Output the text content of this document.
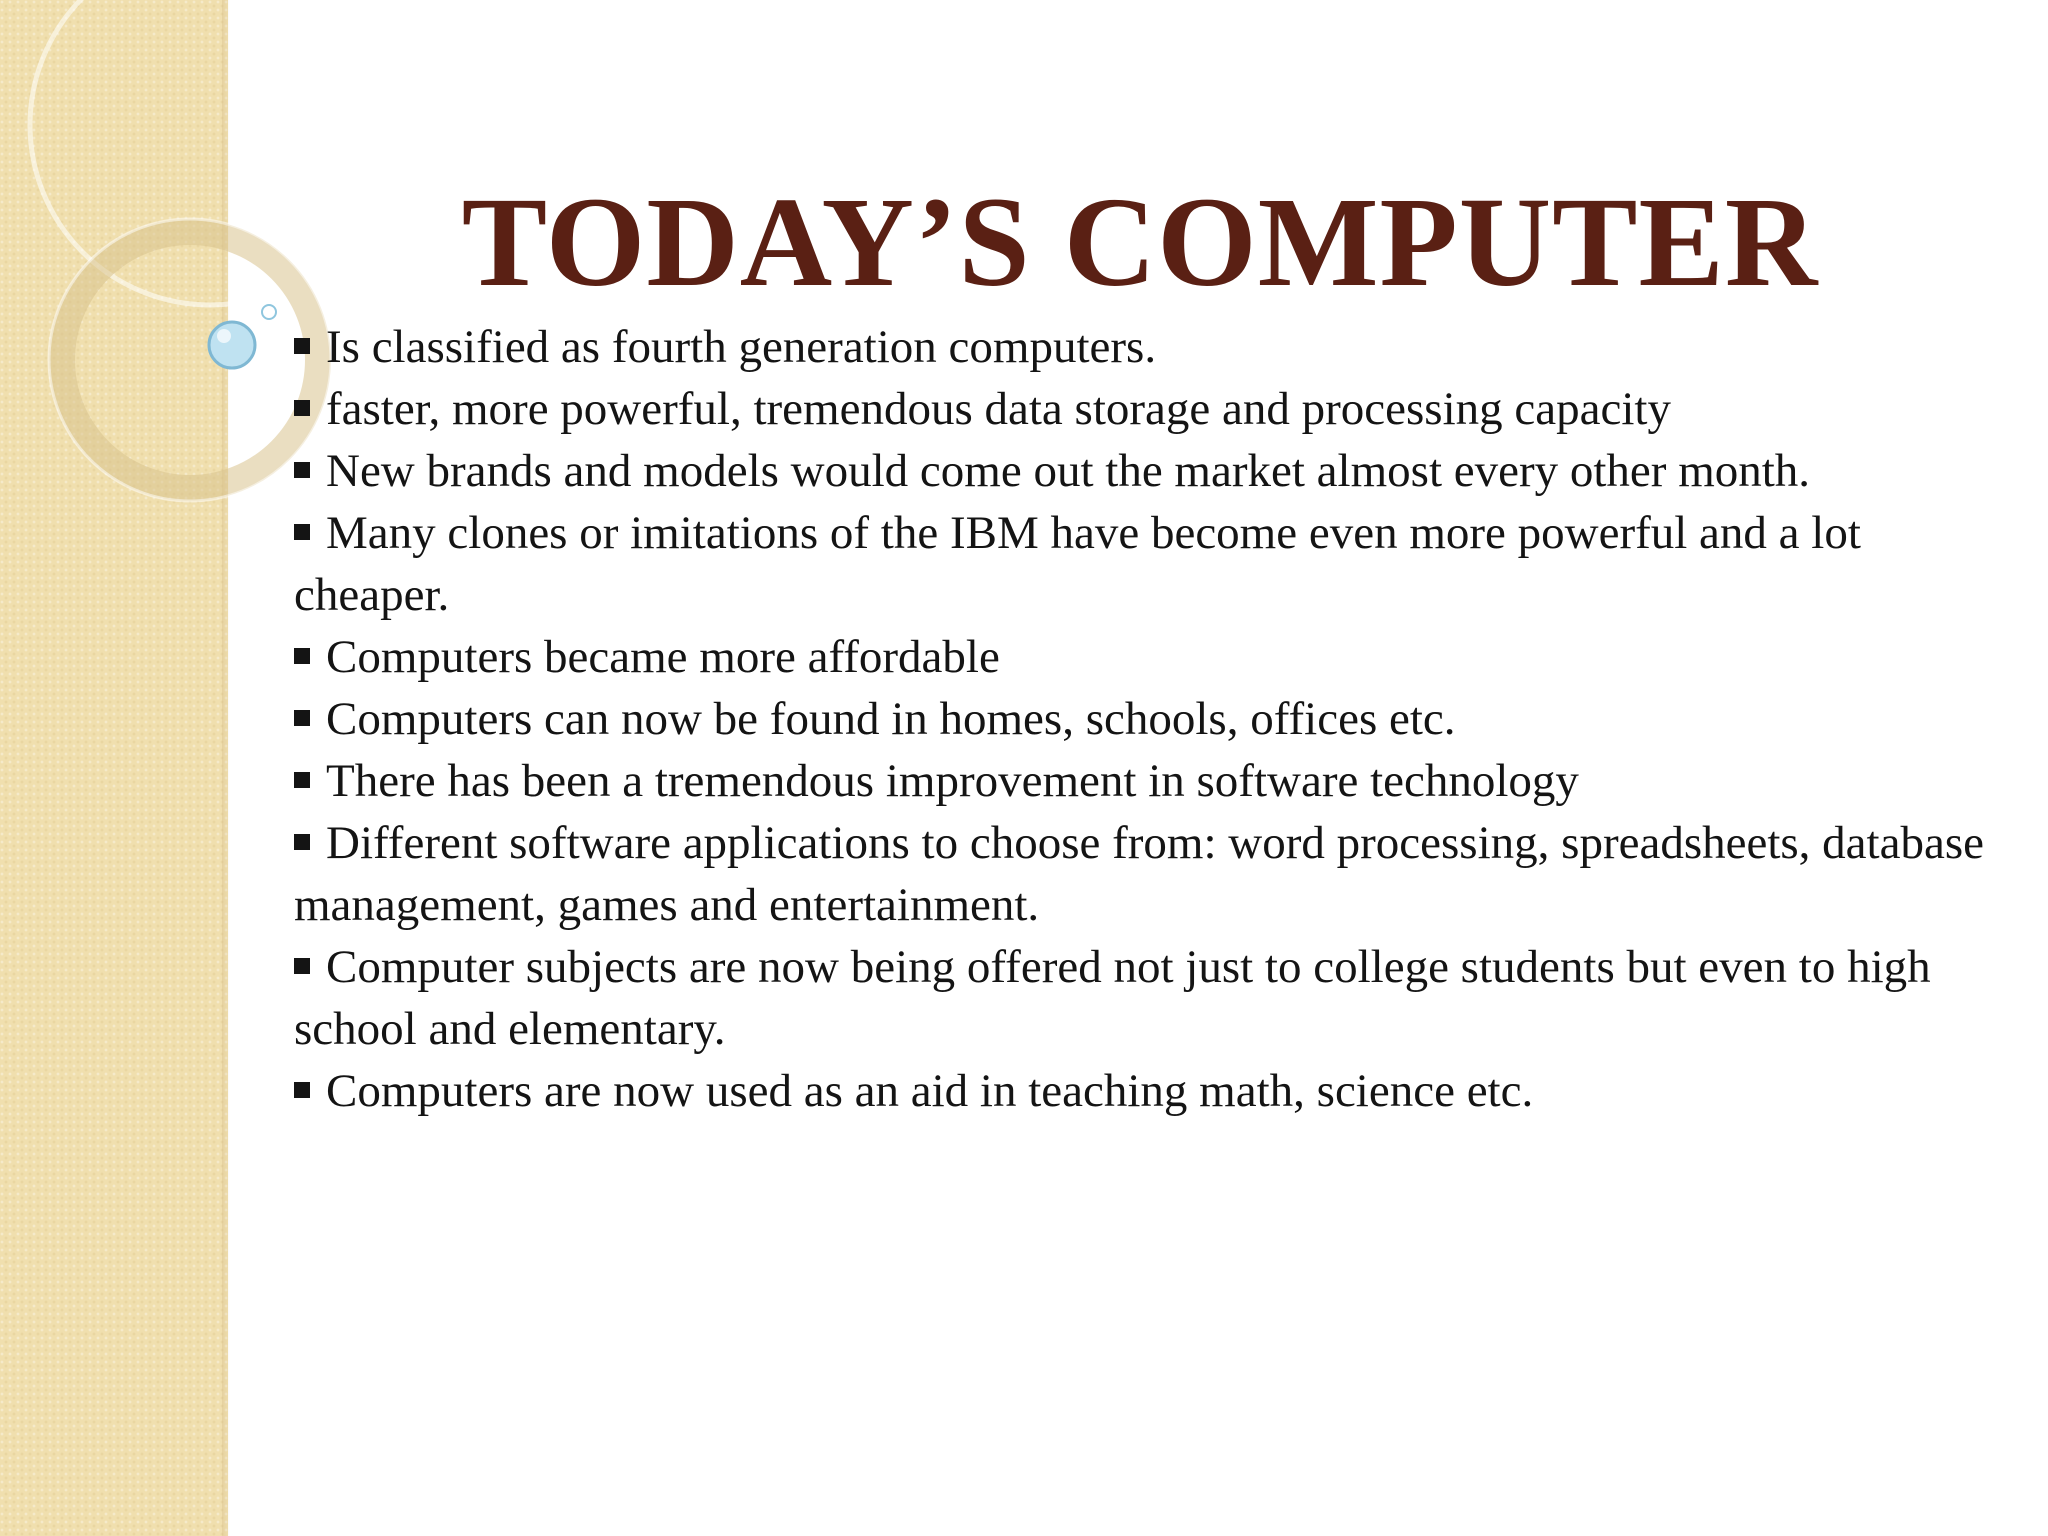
TODAY’S COMPUTER
Is classified as fourth generation computers.
faster, more powerful, tremendous data storage and processing capacity
New brands and models would come out the market almost every other month.
Many clones or imitations of the IBM have become even more powerful and a lot cheaper.
Computers became more affordable
Computers can now be found in homes, schools, offices etc.
There has been a tremendous improvement in software technology
Different software applications to choose from: word processing, spreadsheets, database management, games and entertainment.
Computer subjects are now being offered not just to college students but even to high school and elementary.
Computers are now used as an aid in teaching math, science etc.
